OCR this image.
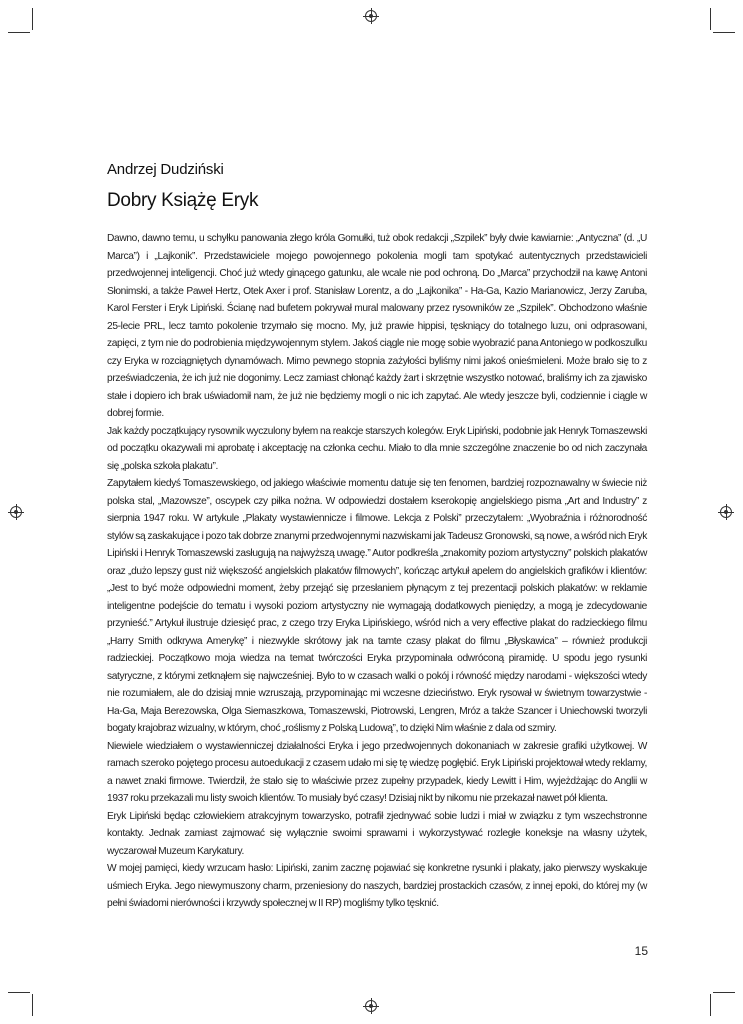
Andrzej Dudziński
Dobry Książę Eryk

Dawno, dawno temu, u schyłku panowania złego króla Gomułki, tuż obok redakcji „Szpilek” były dwie kawiarnie: „Antyczna” (d. „U Marca”) i „Lajkonik”. Przedstawiciele mojego powojennego pokolenia mogli tam spotykać autentycznych przedstawicieli przedwojennej inteligencji. Choć już wtedy ginącego gatunku, ale wcale nie pod ochroną. Do „Marca” przychodził na kawę Antoni Słonimski, a także Paweł Hertz, Otek Axer i prof. Stanisław Lorentz, a do „Lajkonika” - Ha-Ga, Kazio Marianowicz, Jerzy Zaruba, Karol Ferster i Eryk Lipiński. Ścianę nad bufetem pokrywał mural malowany przez rysowników ze „Szpilek”. Obchodzono właśnie 25-lecie PRL, lecz tamto pokolenie trzymało się mocno. My, już prawie hippisi, tęskniący do totalnego luzu, oni odprasowani, zapięci, z tym nie do podrobienia międzywojennym stylem. Jakoś ciągle nie mogę sobie wyobrazić pana Antoniego w podkoszulku czy Eryka w rozciągniętych dynamówach. Mimo pewnego stopnia zażyłości byliśmy nimi jakoś onieśmieleni. Może brało się to z przeświadczenia, że ich już nie dogonimy. Lecz zamiast chłonąć każdy żart i skrzętnie wszystko notować, braliśmy ich za zjawisko stałe i dopiero ich brak uświadomił nam, że już nie będziemy mogli o nic ich zapytać. Ale wtedy jeszcze byli, codziennie i ciągle w dobrej formie.

Jak każdy początkujący rysownik wyczulony byłem na reakcje starszych kolegów. Eryk Lipiński, podobnie jak Henryk Tomaszewski od początku okazywali mi aprobatę i akceptację na członka cechu. Miało to dla mnie szczególne znaczenie bo od nich zaczynała się „polska szkoła plakatu”.

Zapytałem kiedyś Tomaszewskiego, od jakiego właściwie momentu datuje się ten fenomen, bardziej rozpoznawalny w świecie niż polska stal, „Mazowsze”, oscypek czy piłka nożna. W odpowiedzi dostałem kserokopię angielskiego pisma „Art and Industry” z sierpnia 1947 roku. W artykule „Plakaty wystawiennicze i filmowe. Lekcja z Polski” przeczytałem: „Wyobraźnia i różnorodność stylów są zaskakujące i pozo tak dobrze znanymi przedwojennymi nazwiskami jak Tadeusz Gronowski, są nowe, a wśród nich Eryk Lipiński i Henryk Tomaszewski zasługują na najwyższą uwagę.” Autor podkreśla „znakomity poziom artystyczny” polskich plakatów oraz „dużo lepszy gust niż większość angielskich plakatów filmowych”, kończąc artykuł apelem do angielskich grafików i klientów: „Jest to być może odpowiedni moment, żeby przejąć się przesłaniem płynącym z tej prezentacji polskich plakatów: w reklamie inteligentne podejście do tematu i wysoki poziom artystyczny nie wymagają dodatkowych pieniędzy, a mogą je zdecydowanie przynieść.” Artykuł ilustruje dziesięć prac, z czego trzy Eryka Lipińskiego, wśród nich a very effective plakat do radzieckiego filmu „Harry Smith odkrywa Amerykę” i niezwykle skrótowy jak na tamte czasy plakat do filmu „Błyskawica” – również produkcji radzieckiej. Początkowo moja wiedza na temat twórczości Eryka przypominała odwróconą piramidę. U spodu jego rysunki satyryczne, z którymi zetknąłem się najwcześniej. Było to w czasach walki o pokój i równość między narodami - większości wtedy nie rozumiałem, ale do dzisiaj mnie wzruszają, przypominając mi wczesne dzieciństwo. Eryk rysował w świetnym towarzystwie - Ha-Ga, Maja Berezowska, Olga Siemaszkowa, Tomaszewski, Piotrowski, Lengren, Mróz a także Szancer i Uniechowski tworzyli bogaty krajobraz wizualny, w którym, choć „roślismy z Polską Ludową”, to dzięki Nim właśnie z dala od szmiry.

Niewiele wiedziałem o wystawienniczej działalności Eryka i jego przedwojennych dokonaniach w zakresie grafiki użytkowej. W ramach szeroko pojętego procesu autoedukacji z czasem udało mi się tę wiedzę pogłębić. Eryk Lipiński projektował wtedy reklamy, a nawet znaki firmowe. Twierdził, że stało się to właściwie przez zupełny przypadek, kiedy Lewitt i Him, wyjeżdżając do Anglii w 1937 roku przekazali mu listy swoich klientów. To musiały być czasy! Dzisiaj nikt by nikomu nie przekazał nawet pół klienta.

Eryk Lipiński będąc człowiekiem atrakcyjnym towarzysko, potrafił zjednywać sobie ludzi i miał w związku z tym wszechstronne kontakty. Jednak zamiast zajmować się wyłącznie swoimi sprawami i wykorzystywać rozległe koneksje na własny użytek, wyczarował Muzeum Karykatury.

W mojej pamięci, kiedy wrzucam hasło: Lipiński, zanim zacznę pojawiać się konkretne rysunki i plakaty, jako pierwszy wyskakuje uśmiech Eryka. Jego niewymuszony charm, przeniesiony do naszych, bardziej prostackich czasów, z innej epoki, do której my (w pełni świadomi nierówności i krzywdy społecznej w II RP) mogliśmy tylko tęsknić.

15
